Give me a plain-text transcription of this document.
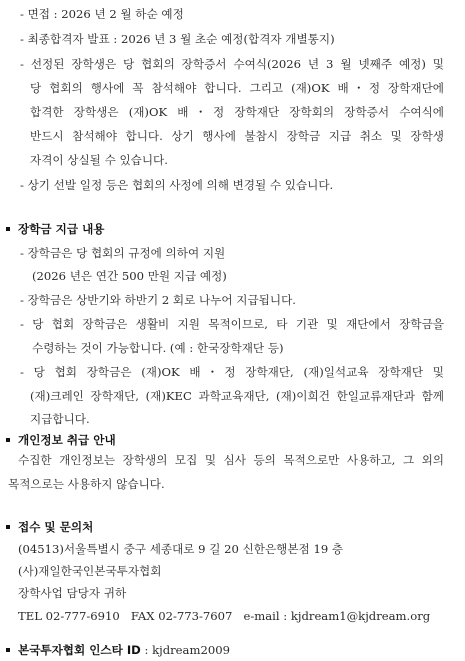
- 면접 : 2026 년 2 월 하순 예정
- 최종합격자 발표 : 2026 년 3 월 초순 예정(합격자 개별통지)
- 선정된 장학생은 당 협회의 장학증서 수여식(2026 년 3 월 넷째주 예정) 및
당 협회의 행사에 꼭 참석해야 합니다. 그리고 (재)OK 배・정 장학재단에
합격한 장학생은 (재)OK 배・정 장학재단 장학회의 장학증서 수여식에
반드시 참석해야 합니다. 상기 행사에 불참시 장학금 지급 취소 및 장학생
자격이 상실될 수 있습니다.
- 상기 선발 일정 등은 협회의 사정에 의해 변경될 수 있습니다.
장학금 지급 내용
- 장학금은 당 협회의 규정에 의하여 지원
(2026 년은 연간 500 만원 지급 예정)
- 장학금은 상반기와 하반기 2 회로 나누어 지급됩니다.
- 당 협회 장학금은 생활비 지원 목적이므로, 타 기관 및 재단에서 장학금을
수령하는 것이 가능합니다. (예 : 한국장학재단 등)
- 당 협회 장학금은 (재)OK 배・정 장학재단, (재)일석교육 장학재단 및
(재)크레인 장학재단, (재)KEC 과학교육재단, (재)이희건 한일교류재단과 함께
지급합니다.
개인정보 취급 안내
수집한 개인정보는 장학생의 모집 및 심사 등의 목적으로만 사용하고, 그 외의
목적으로는 사용하지 않습니다.
접수 및 문의처
(04513)서울특별시 중구 세종대로 9 길 20 신한은행본점 19 층
(사)재일한국인본국투자협회
장학사업 담당자 귀하
TEL 02-777-6910   FAX 02-773-7607   e-mail : kjdream1@kjdream.org
본국투자협회 인스타 ID : kjdream2009
